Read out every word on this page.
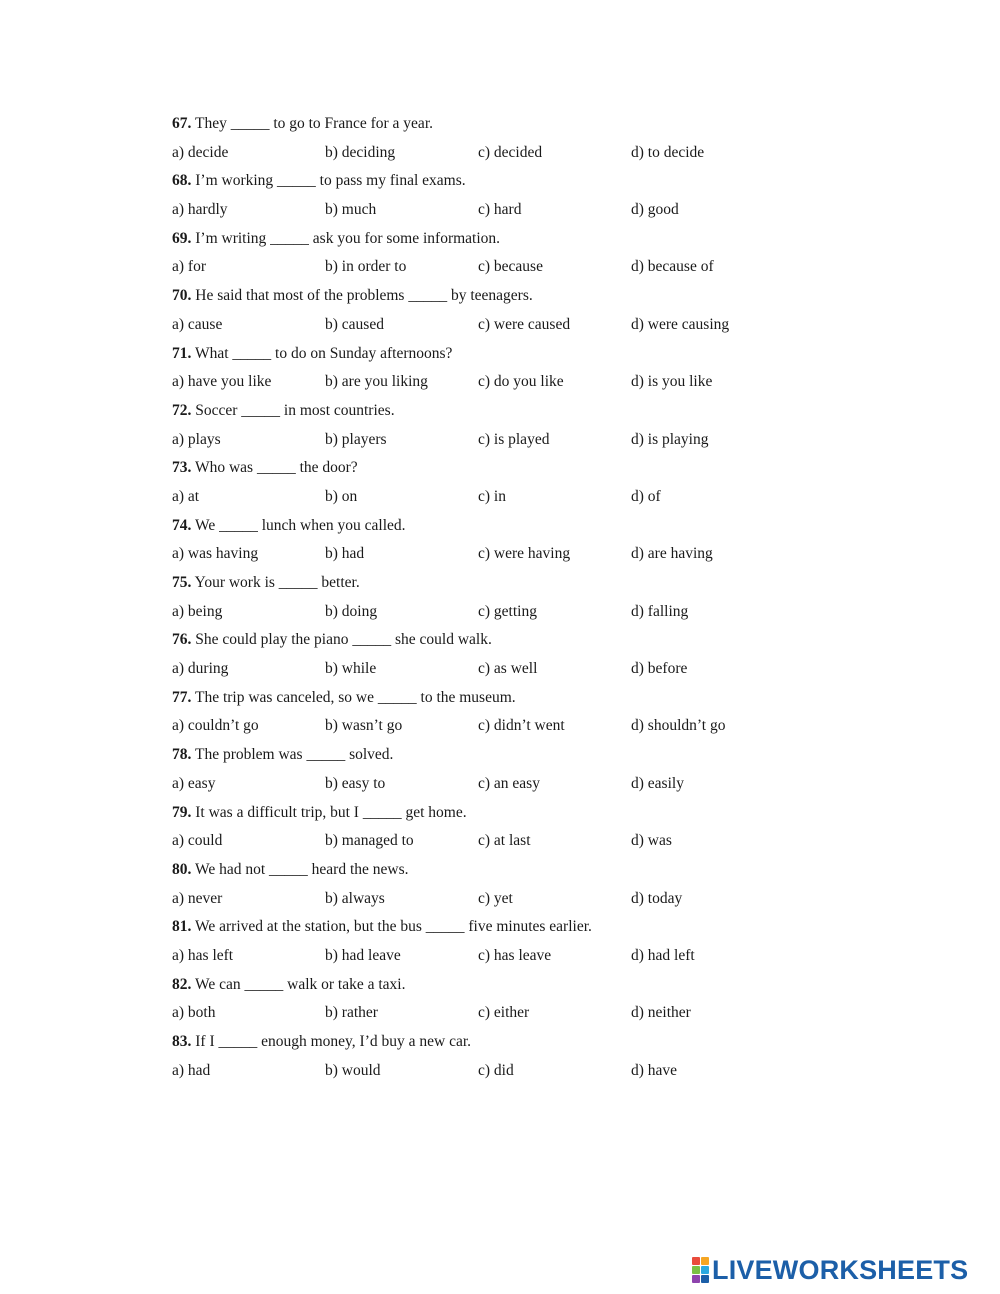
67. They _____ to go to France for a year.
a) decide	b) deciding	c) decided	d) to decide
68. I’m working _____ to pass my final exams.
a) hardly	b) much	c) hard	d) good
69. I’m writing _____ ask you for some information.
a) for	b) in order to	c) because	d) because of
70. He said that most of the problems _____ by teenagers.
a) cause	b) caused	c) were caused	d) were causing
71. What _____ to do on Sunday afternoons?
a) have you like	b) are you liking	c) do you like	d) is you like
72. Soccer _____ in most countries.
a) plays	b) players	c) is played	d) is playing
73. Who was _____ the door?
a) at	b) on	c) in	d) of
74. We _____ lunch when you called.
a) was having	b) had	c) were having	d) are having
75. Your work is _____ better.
a) being	b) doing	c) getting	d) falling
76. She could play the piano _____ she could walk.
a) during	b) while	c) as well	d) before
77. The trip was canceled, so we _____ to the museum.
a) couldn’t go	b) wasn’t go	c) didn’t went	d) shouldn’t go
78. The problem was _____ solved.
a) easy	b) easy to	c) an easy	d) easily
79. It was a difficult trip, but I _____ get home.
a) could	b) managed to	c) at last	d) was
80. We had not _____ heard the news.
a) never	b) always	c) yet	d) today
81. We arrived at the station, but the bus _____ five minutes earlier.
a) has left	b) had leave	c) has leave	d) had left
82. We can _____ walk or take a taxi.
a) both	b) rather	c) either	d) neither
83. If I _____ enough money, I’d buy a new car.
a) had	b) would	c) did	d) have
LIVEWORKSHEETS
